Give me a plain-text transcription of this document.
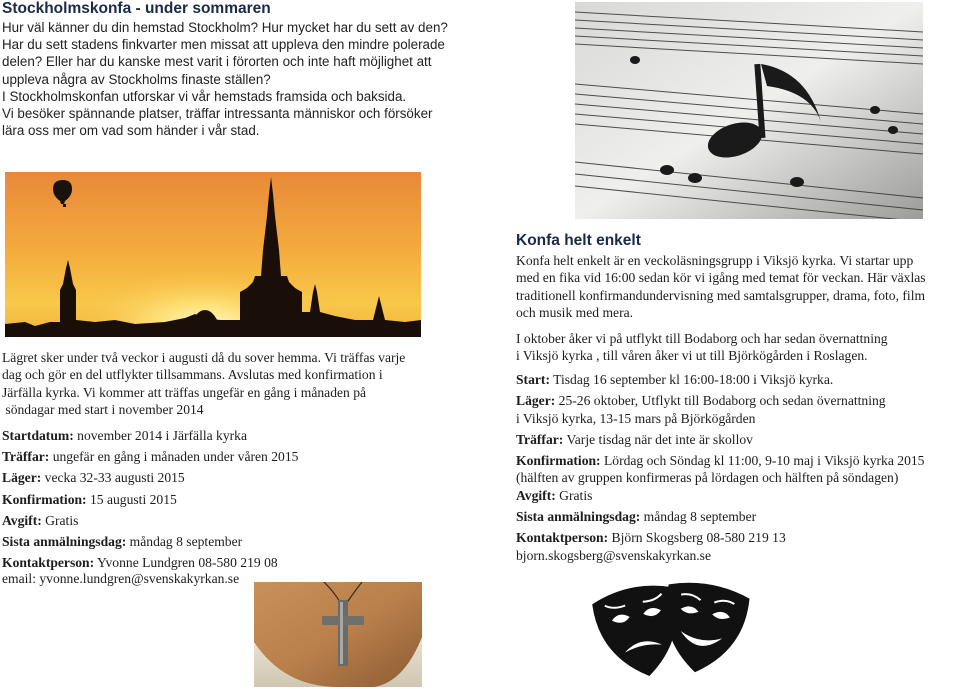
Stockholmskonfa - under sommaren

Hur väl känner du din hemstad Stockholm? Hur mycket har du sett av den?

Har du sett stadens finkvarter men missat att uppleva den mindre polerade

delen? Eller har du kanske mest varit i förorten och inte haft möjlighet att

uppleva några av Stockholms finaste ställen?

I Stockholmskonfan utforskar vi vår hemstads framsida och baksida.

Vi besöker spännande platser, träffar intressanta människor och försöker

lära oss mer om vad som händer i vår stad.

Lägret sker under två veckor i augusti då du sover hemma. Vi träffas varje

dag och gör en del utflykter tillsammans. Avslutas med konfirmation i

Järfälla kyrka. Vi kommer att träffas ungefär en gång i månaden på

söndagar med start i november 2014

Startdatum: november 2014 i Järfälla kyrka

Träffar: ungefär en gång i månaden under våren 2015

Läger: vecka 32-33 augusti 2015

Konfirmation: 15 augusti 2015

Avgift: Gratis

Sista anmälningsdag: måndag 8 september

Kontaktperson: Yvonne Lundgren 08-580 219 08

email: yvonne.lundgren@svenskakyrkan.se

Konfa helt enkelt

Konfa helt enkelt är en veckoläsningsgrupp i Viksjö kyrka. Vi startar upp

med en fika vid 16:00 sedan kör vi igång med temat för veckan. Här växlas

traditionell konfirmandundervisning med samtalsgrupper, drama, foto, film

och musik med mera.

I oktober åker vi på utflykt till Bodaborg och har sedan övernattning

i Viksjö kyrka , till våren åker vi ut till Björkögården i Roslagen.

Start: Tisdag 16 september kl 16:00-18:00 i Viksjö kyrka.

Läger: 25-26 oktober, Utflykt till Bodaborg och sedan övernattning

i Viksjö kyrka, 13-15 mars på Björkögården

Träffar: Varje tisdag när det inte är skollov

Konfirmation: Lördag och Söndag kl 11:00, 9-10 maj i Viksjö kyrka 2015

(hälften av gruppen konfirmeras på lördagen och hälften på söndagen)

Avgift: Gratis

Sista anmälningsdag: måndag 8 september

Kontaktperson: Björn Skogsberg 08-580 219 13

bjorn.skogsberg@svenskakyrkan.se
